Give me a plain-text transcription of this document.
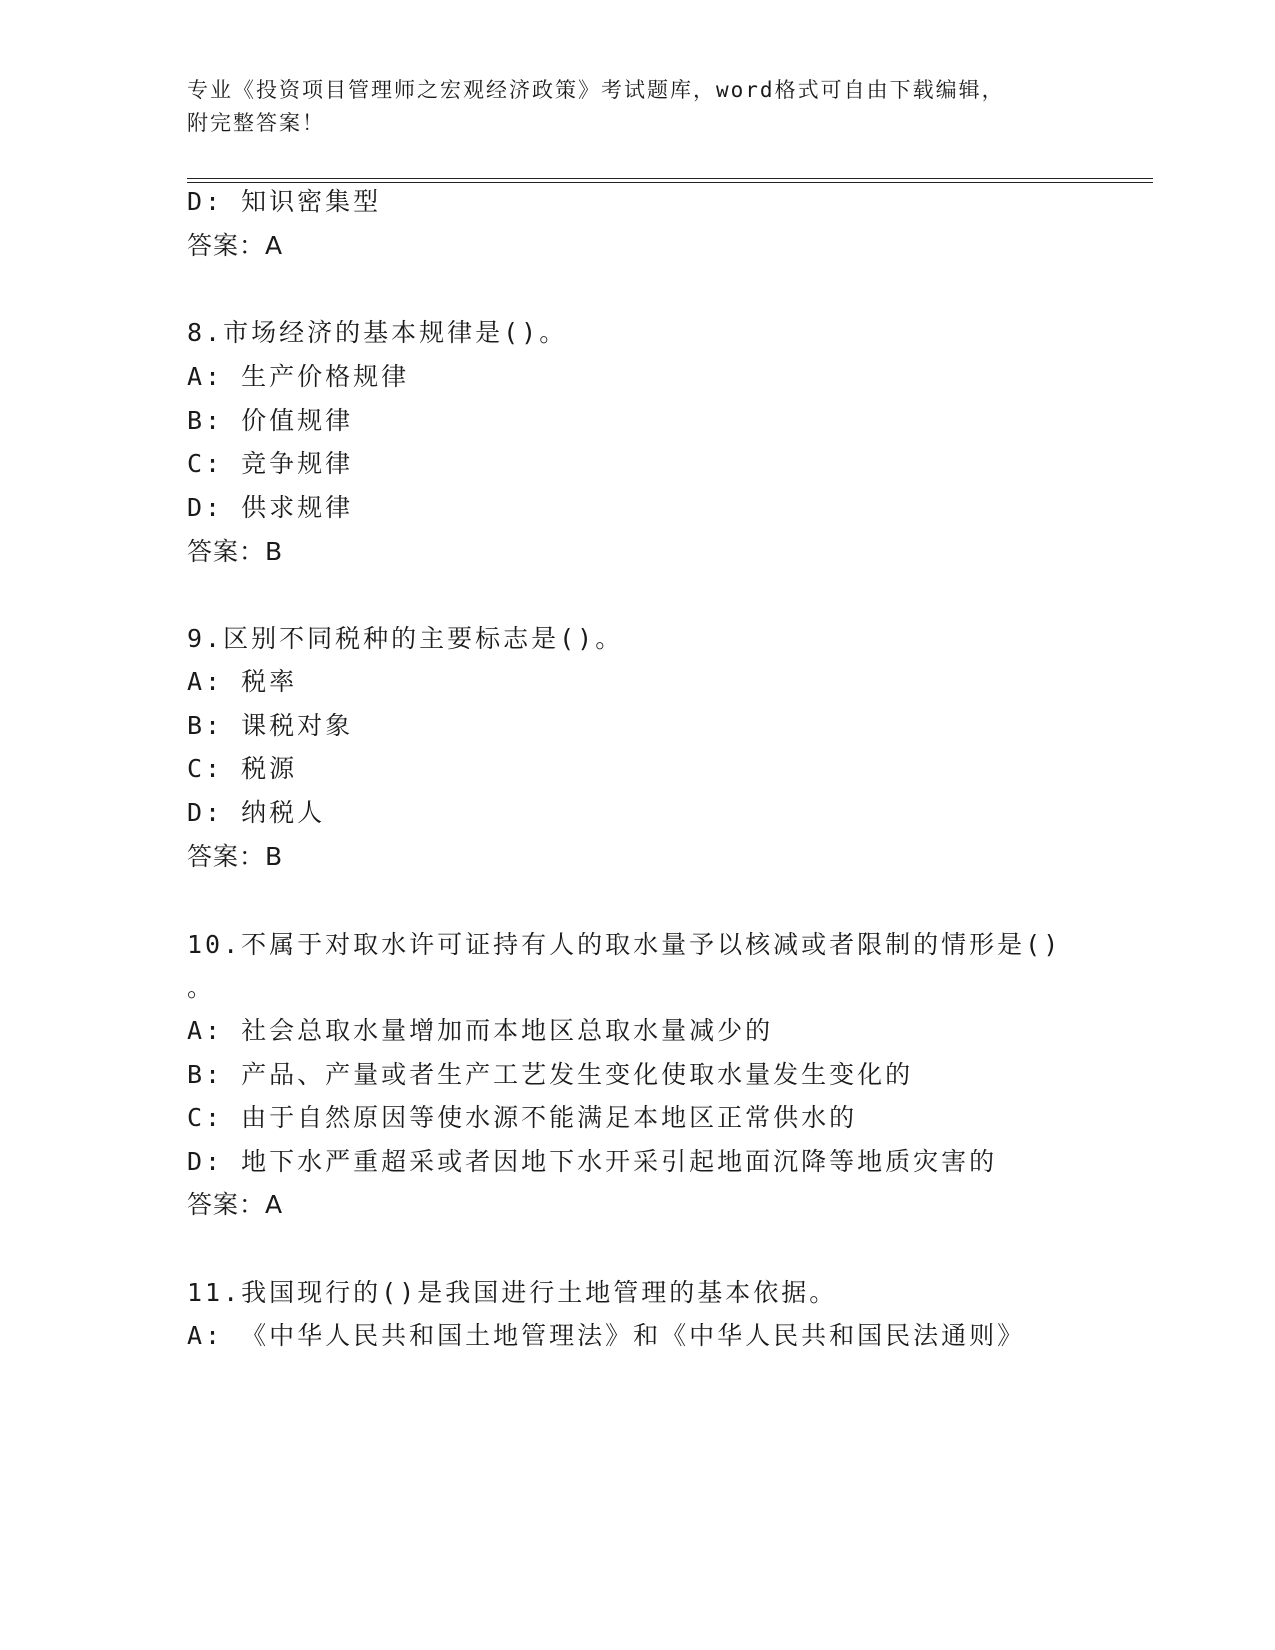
专业《投资项目管理师之宏观经济政策》考试题库，word格式可自由下载编辑，
附完整答案！
D: 知识密集型
答案：A
8.市场经济的基本规律是()。
A: 生产价格规律
B: 价值规律
C: 竞争规律
D: 供求规律
答案：B
9.区别不同税种的主要标志是()。
A: 税率
B: 课税对象
C: 税源
D: 纳税人
答案：B
10.不属于对取水许可证持有人的取水量予以核减或者限制的情形是()
。
A: 社会总取水量增加而本地区总取水量减少的
B: 产品、产量或者生产工艺发生变化使取水量发生变化的
C: 由于自然原因等使水源不能满足本地区正常供水的
D: 地下水严重超采或者因地下水开采引起地面沉降等地质灾害的
答案：A
11.我国现行的()是我国进行土地管理的基本依据。
A: 《中华人民共和国土地管理法》和《中华人民共和国民法通则》
